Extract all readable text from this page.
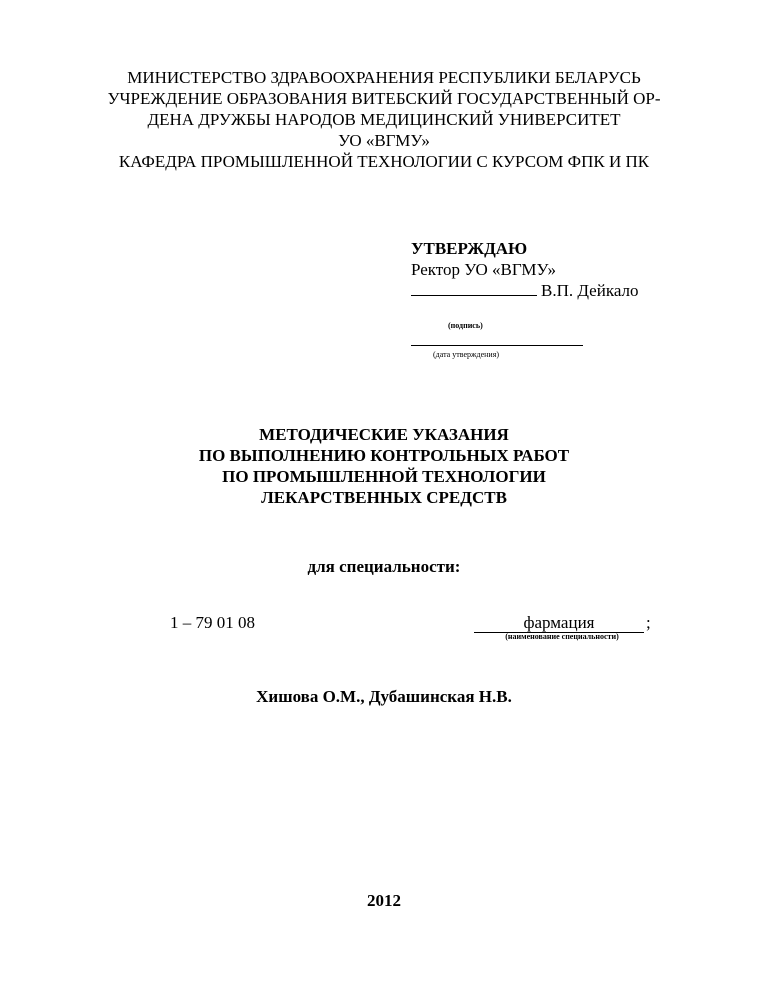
МИНИСТЕРСТВО ЗДРАВООХРАНЕНИЯ РЕСПУБЛИКИ БЕЛАРУСЬ
УЧРЕЖДЕНИЕ ОБРАЗОВАНИЯ ВИТЕБСКИЙ ГОСУДАРСТВЕННЫЙ ОР-
ДЕНА ДРУЖБЫ НАРОДОВ МЕДИЦИНСКИЙ УНИВЕРСИТЕТ
УО «ВГМУ»
КАФЕДРА ПРОМЫШЛЕННОЙ ТЕХНОЛОГИИ С КУРСОМ ФПК И ПК
УТВЕРЖДАЮ
Ректор УО «ВГМУ»
В.П. Дейкало
(подпись)
(дата утверждения)
МЕТОДИЧЕСКИЕ УКАЗАНИЯ
ПО ВЫПОЛНЕНИЮ КОНТРОЛЬНЫХ РАБОТ
ПО ПРОМЫШЛЕННОЙ ТЕХНОЛОГИИ
ЛЕКАРСТВЕННЫХ СРЕДСТВ
для специальности:
1 – 79 01 08	фармация	;
(наименование специальности)
Хишова О.М., Дубашинская Н.В.
2012
